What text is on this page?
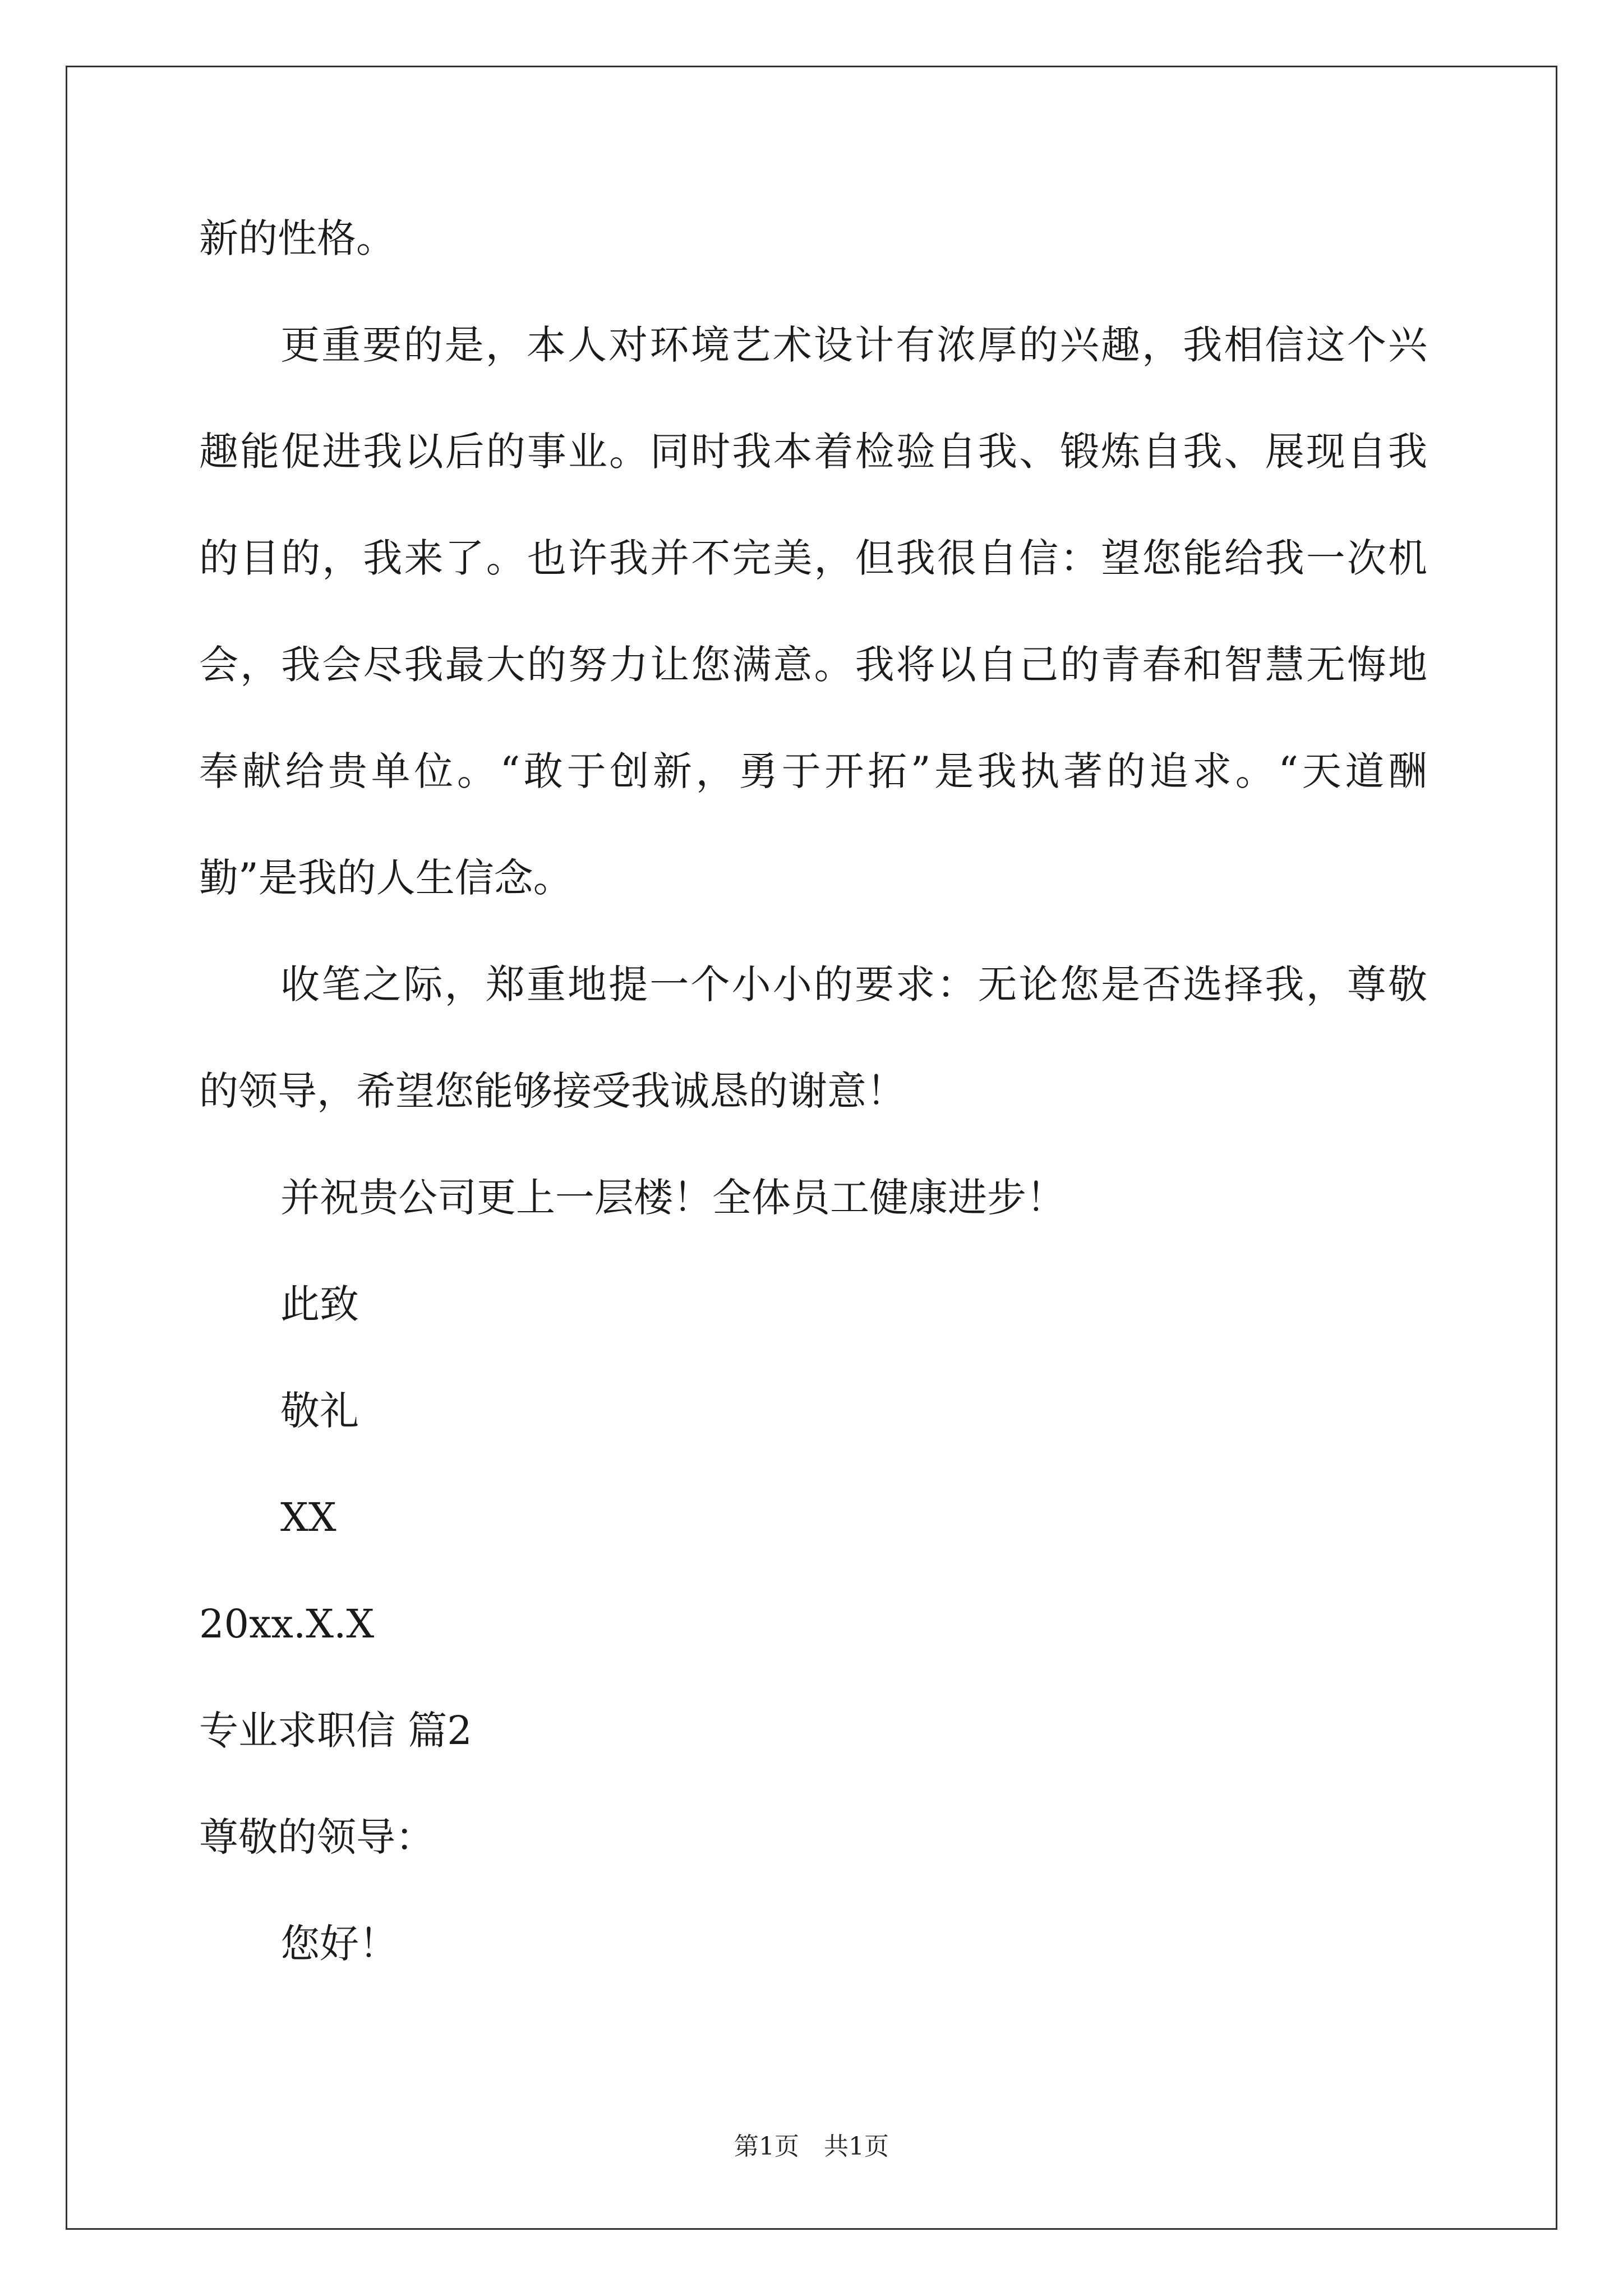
新的性格。

更重要的是，本人对环境艺术设计有浓厚的兴趣，我相信这个兴

趣能促进我以后的事业。同时我本着检验自我、锻炼自我、展现自我

的目的，我来了。也许我并不完美，但我很自信：望您能给我一次机

会，我会尽我最大的努力让您满意。我将以自己的青春和智慧无悔地

奉献给贵单位。“敢于创新，勇于开拓”是我执著的追求。“天道酬

勤”是我的人生信念。

收笔之际，郑重地提一个小小的要求：无论您是否选择我，尊敬

的领导，希望您能够接受我诚恳的谢意！

并祝贵公司更上一层楼！全体员工健康进步！

此致

敬礼

XX

20xx.X.X

专业求职信 篇2

尊敬的领导：

您好！

第1页　共1页
